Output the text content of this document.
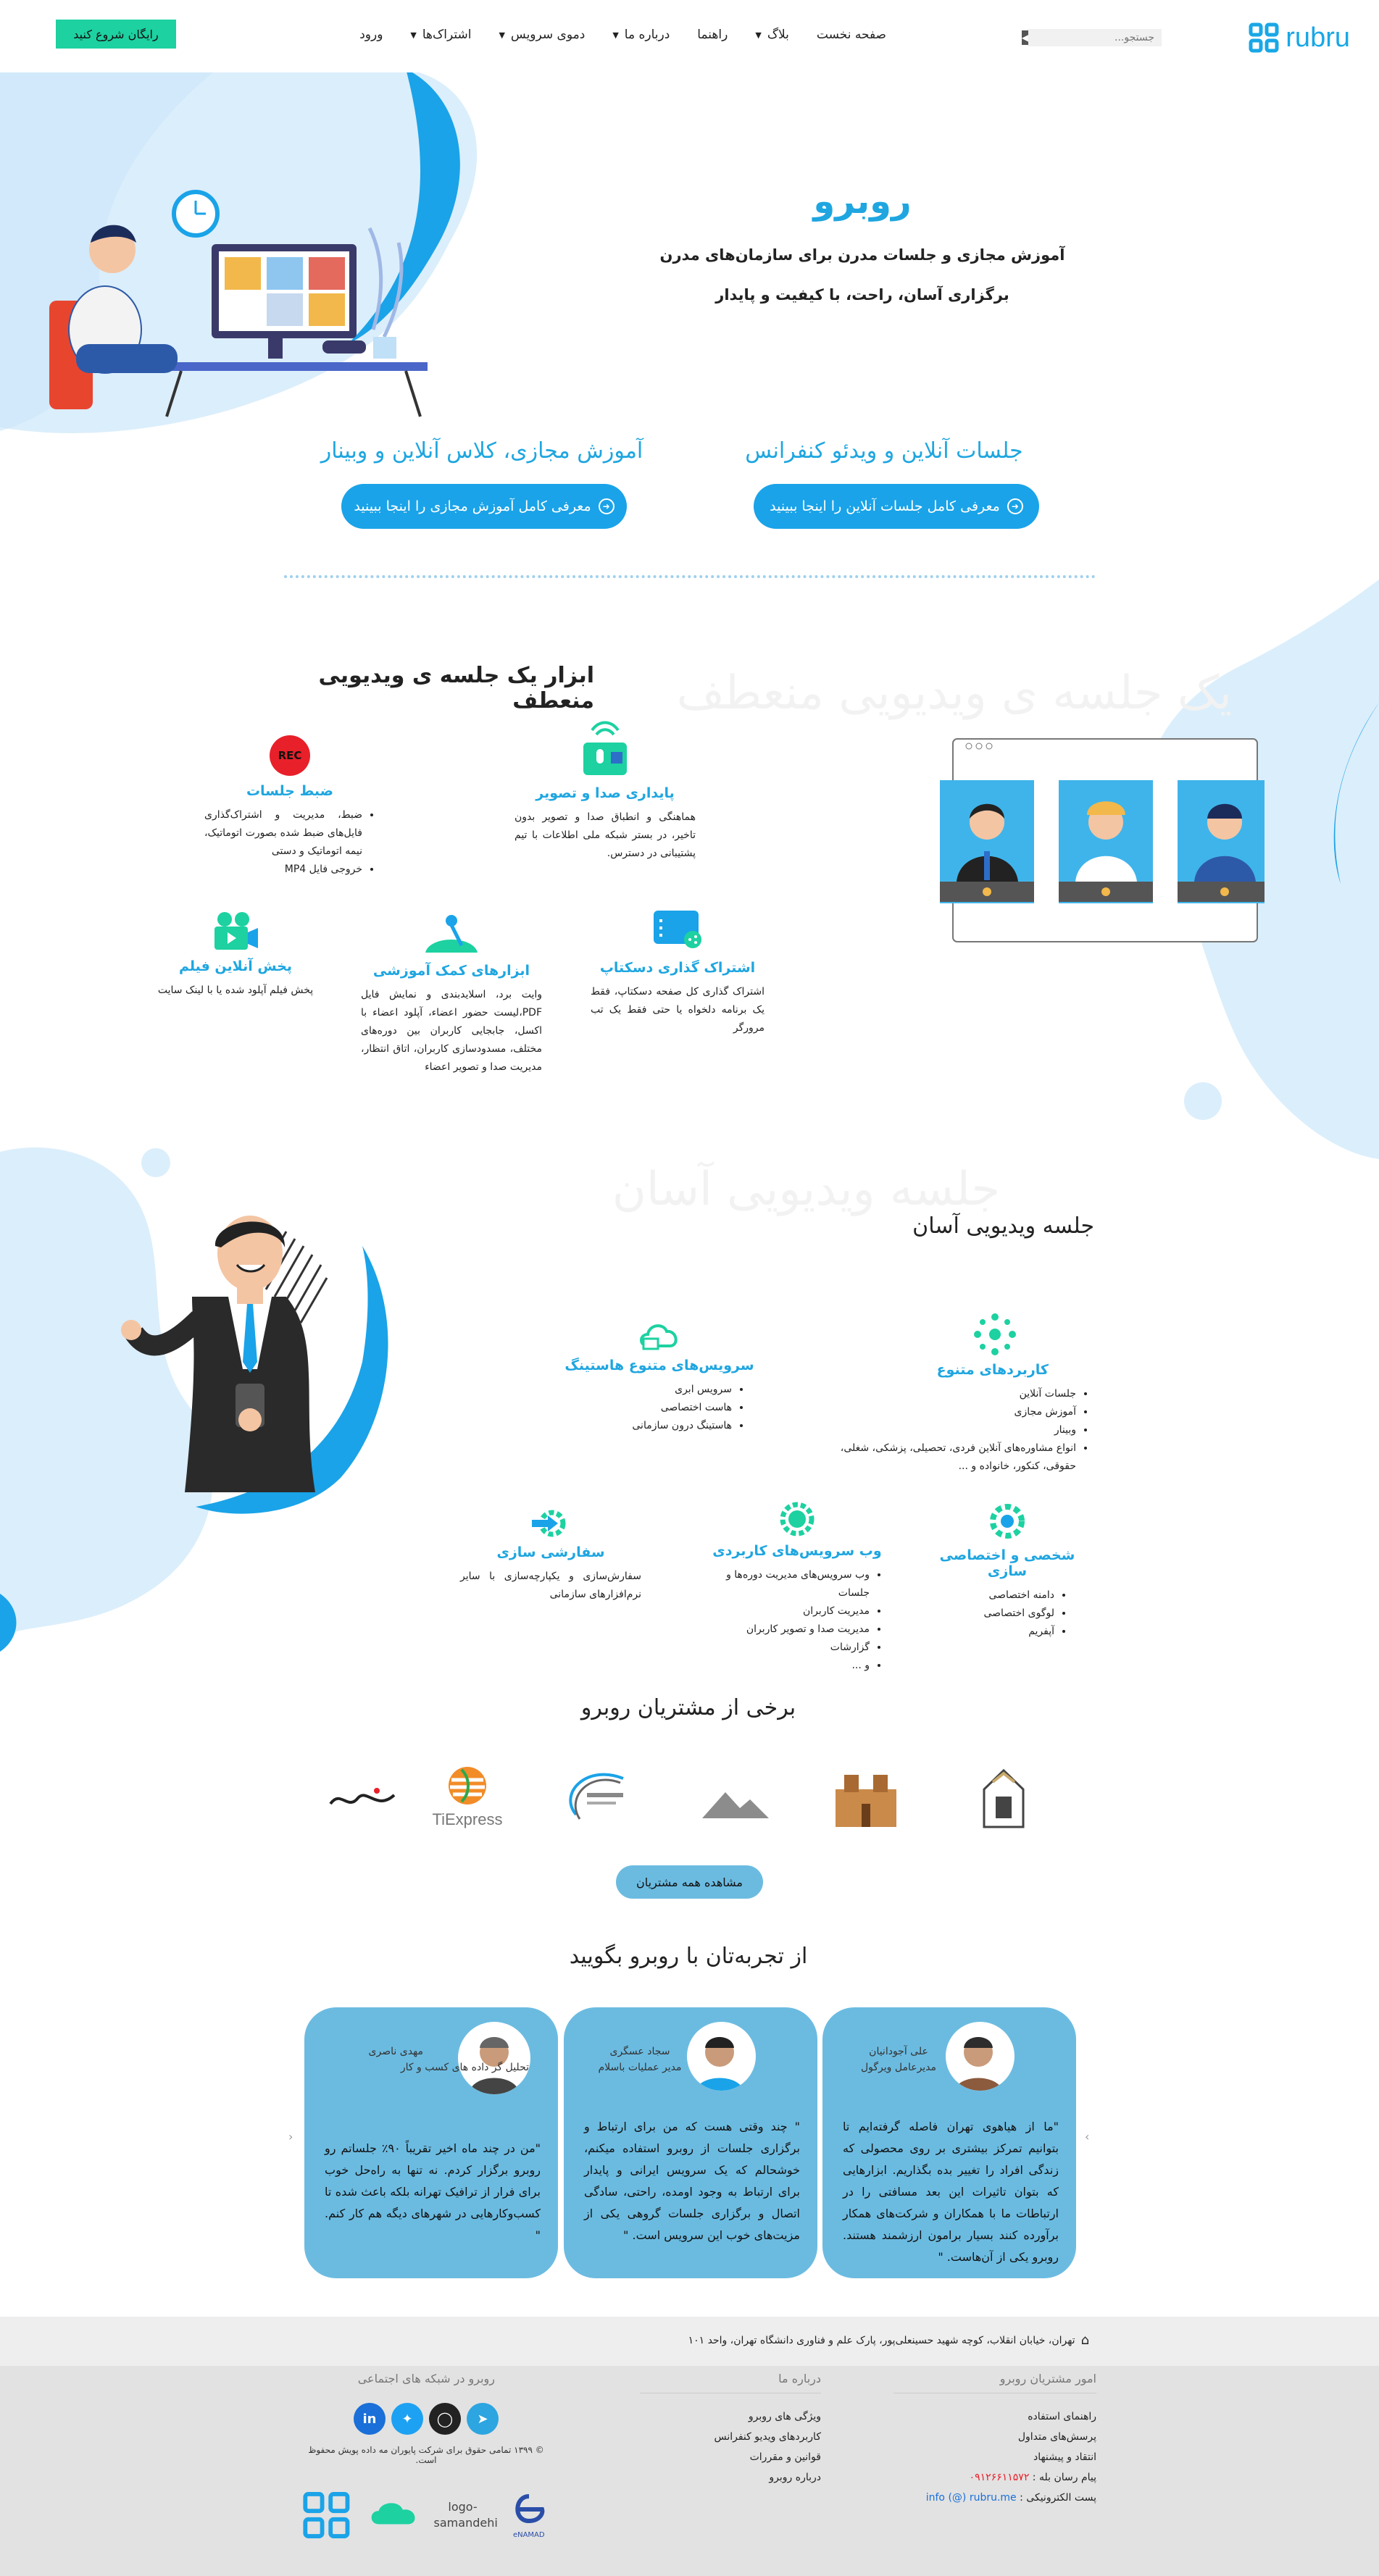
rubru
جستجو...
◀
صفحه نخست
بلاگ
▼
راهنما
درباره ما
▼
دموی سرویس
▼
اشتراک‌ها
▼
ورود
رایگان شروع کنید
روبرو
آموزش مجازی و جلسات مدرن برای سازمان‌های مدرن
برگزاری آسان، راحت، با کیفیت و پایدار
جلسات آنلاین و ویدئو کنفرانس
➜
معرفی کامل جلسات آنلاین را اینجا ببینید
آموزش مجازی، کلاس آنلاین و وبینار
➜
معرفی کامل آموزش مجازی را اینجا ببینید
یک جلسه ی ویدیویی منعطف
ابزار یک جلسه ی ویدیویی منعطف
پایداری صدا و تصویر
هماهنگی و انطباق صدا و تصویر بدون تاخیر، در بستر شبکه ملی اطلاعات با تیم پشتیبانی در دسترس.
REC
ضبط جلسات
• ضبط، مدیریت و اشتراک‌گذاری فایل‌های ضبط شده بصورت اتوماتیک، نیمه اتوماتیک و دستی
• خروجی فایل MP4
اشتراک گذاری دسکتاپ
اشتراک گذاری کل صفحه دسکتاپ، فقط یک برنامه دلخواه یا حتی فقط یک تب مرورگر
ابزارهای کمک آموزشی
وایت برد، اسلایدبندی و نمایش فایل PDF،لیست حضور اعضاء، آپلود اعضاء با اکسل، جابجایی کاربران بین دوره‌های مختلف، مسدودسازی کاربران، اتاق انتظار، مدیریت صدا و تصویر اعضاء
پخش آنلاین فیلم
پخش فیلم آپلود شده یا با لینک سایت
جلسه ویدیویی آسان
جلسه ویدیویی آسان
کاربردهای متنوع
• جلسات آنلاین
• آموزش مجازی
• وبینار
• انواع مشاوره‌های آنلاین فردی، تحصیلی، پزشکی، شغلی، حقوقی، کنکور، خانواده و ...
سرویس‌های متنوع هاستینگ
• سرویس ابری
• هاست اختصاصی
• هاستینگ درون سازمانی
شخصی و اختصاصی سازی
• دامنه اختصاصی
• لوگوی اختصاصی
• آپفریم
وب سرویس‌های کاربردی
• وب سرویس‌های مدیریت دوره‌ها و جلسات
• مدیریت کاربران
• مدیریت صدا و تصویر کاربران
• گزارشات
• و ...
سفارشی سازی
سفارش‌سازی و یکپارچه‌سازی با سایر نرم‌افزارهای سازمانی
برخی از مشتریان روبرو
TiExpress
مشاهده همه مشتریان
از تجربه‌تان با روبرو بگویید
›
‹
علی آجودانیان
مدیرعامل ویرگول
"ما از هیاهوی تهران فاصله گرفته‌ایم تا بتوانیم تمرکز بیشتری بر روی محصولی که زندگی افراد را تغییر بده بگذاریم. ابزارهایی که بتوان تاثیرات این بعد مسافتی را در ارتباطات ما با همکاران و شرکت‌های همکار برآورده کنند بسیار برامون ارزشمند هستند. روبرو یکی از آن‌هاست. "
سجاد عسگری
مدیر عملیات باسلام
" چند وقتی هست که من برای ارتباط و برگزاری جلسات از روبرو استفاده میکنم، خوشحالم که یک سرویس ایرانی و پایدار برای ارتباط به وجود اومده، راحتی، سادگی اتصال و برگزاری جلسات گروهی یکی از مزیت‌های خوب این سرویس است. "
مهدی ناصری
تحلیل گر داده های کسب و کار
"من در چند ماه اخیر تقریباً ۹۰٪ جلساتم رو روبرو برگزار کردم. نه تنها به راه‌حل خوب برای فرار از ترافیک تهرانه بلکه باعث شده تا کسب‌وکارهایی در شهرهای دیگه هم کار کنم. "
⌂
تهران، خیابان انقلاب، کوچه شهید حسینعلی‌پور، پارک علم و فناوری دانشگاه تهران، واحد ۱۰۱
امور مشتریان روبرو
راهنمای استفاده
پرسش‌های متداول
انتقاد و پیشنهاد
پیام رسان بله : ۰۹۱۲۶۶۱۱۵۷۲
پست الکترونیکی : info (@) rubru.me
درباره ما
ویژگی های روبرو
کاربردهای ویدیو کنفرانس
قوانین و مقررات
درباره روبرو
روبرو در شبکه های اجتماعی
in	✦	◯	➤
© ۱۳۹۹ تمامی حقوق برای شرکت پایوران مه داده پویش محفوظ است.
logo-samandehi
eNAMAD
